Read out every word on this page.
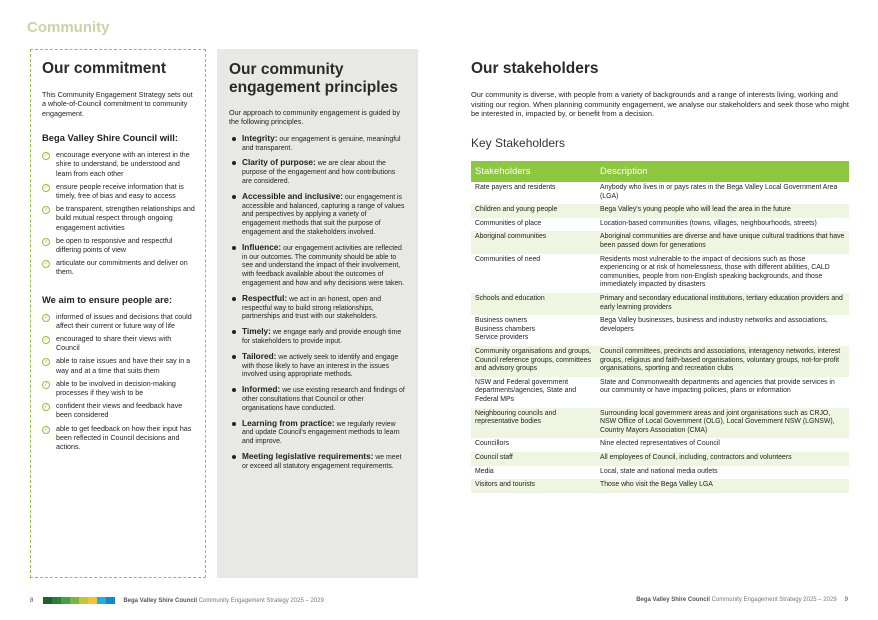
Community
Our commitment

This Community Engagement Strategy sets out a whole-of-Council commitment to community engagement.

Bega Valley Shire Council will:
✓ encourage everyone with an interest in the shire to understand, be understood and learn from each other
✓ ensure people receive information that is timely, free of bias and easy to access
✓ be transparent, strengthen relationships and build mutual respect through ongoing engagement activities
✓ be open to responsive and respectful differing points of view
✓ articulate our commitments and deliver on them.
We aim to ensure people are:
✓ informed of issues and decisions that could affect their current or future way of life
✓ encouraged to share their views with Council
✓ able to raise issues and have their say in a way and at a time that suits them
✓ able to be involved in decision-making processes if they wish to be
✓ confident their views and feedback have been considered
✓ able to get feedback on how their input has been reflected in Council decisions and actions.
Our community engagement principles

Our approach to community engagement is guided by the following principles.

Integrity: our engagement is genuine, meaningful and transparent.
Clarity of purpose: we are clear about the purpose of the engagement and how contributions are considered.
Accessible and inclusive: our engagement is accessible and balanced, capturing a range of values and perspectives by applying a variety of engagement methods that suit the purpose of engagement and the stakeholders involved.
Influence: our engagement activities are reflected in our outcomes. The community should be able to see and understand the impact of their involvement, with feedback available about the outcomes of engagement and how and why decisions were taken.
Respectful: we act in an honest, open and respectful way to build strong relationships, partnerships and trust with our stakeholders.
Timely: we engage early and provide enough time for stakeholders to provide input.
Tailored: we actively seek to identify and engage with those likely to have an interest in the issues involved using appropriate methods.
Informed: we use existing research and findings of other consultations that Council or other organisations have conducted.
Learning from practice: we regularly review and update Council's engagement methods to learn and improve.
Meeting legislative requirements: we meet or exceed all statutory engagement requirements.
Our stakeholders

Our community is diverse, with people from a variety of backgrounds and a range of interests living, working and visiting our region. When planning community engagement, we analyse our stakeholders and seek those who might be interested in, impacted by, or benefit from a decision.

Key Stakeholders
Stakeholders	Description
Rate payers and residents	Anybody who lives in or pays rates in the Bega Valley Local Government Area (LGA)
Children and young people	Bega Valley's young people who will lead the area in the future
Communities of place	Location-based communities (towns, villages, neighbourhoods, streets)
Aboriginal communities	Aboriginal communities are diverse and have unique cultural traditions that have been passed down for generations
Communities of need	Residents most vulnerable to the impact of decisions such as those experiencing or at risk of homelessness, those with different abilities, CALD communities, people from non-English speaking backgrounds, and those immediately impacted by disasters
Schools and education	Primary and secondary educational institutions, tertiary education providers and early learning providers
Business owners
Business chambers
Service providers	Bega Valley businesses, business and industry networks and associations, developers
Community organisations and groups, Council reference groups, committees and advisory groups	Council committees, precincts and associations, interagency networks, interest groups, religious and faith-based organisations, voluntary groups, not-for-profit organisations, sporting and recreation clubs
NSW and Federal government departments/agencies, State and Federal MPs	State and Commonwealth departments and agencies that provide services in our community or have impacting policies, plans or information
Neighbouring councils and representative bodies	Surrounding local government areas and joint organisations such as CRJO, NSW Office of Local Government (OLG), Local Government NSW (LGNSW), Country Mayors Association (CMA)
Councillors	Nine elected representatives of Council
Council staff	All employees of Council, including, contractors and volunteers
Media	Local, state and national media outlets
Visitors and tourists	Those who visit the Bega Valley LGA
8	Bega Valley Shire Council
Community Engagement Strategy 2025 – 2029	Bega Valley Shire Council
Community Engagement Strategy 2025 – 2029 9
